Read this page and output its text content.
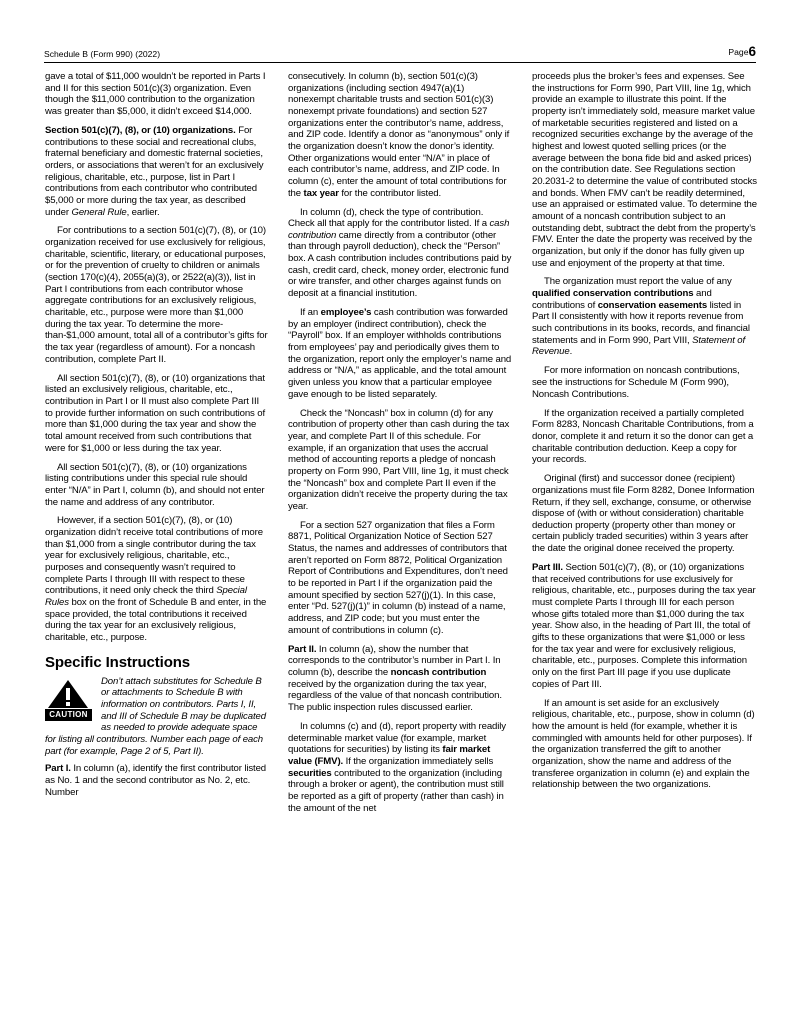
Schedule B (Form 990) (2022)	Page6

gave a total of $11,000 wouldn’t be reported in Parts I and II for this section 501(c)(3) organization. Even though the $11,000 contribution to the organization was greater than $5,000, it didn’t exceed $14,000.

Section 501(c)(7), (8), or (10) organizations. For contributions to these social and recreational clubs, fraternal beneficiary and domestic fraternal societies, orders, or associations that weren’t for an exclusively religious, charitable, etc., purpose, list in Part I contributions from each contributor who contributed $5,000 or more during the tax year, as described under General Rule, earlier.

For contributions to a section 501(c)(7), (8), or (10) organization received for use exclusively for religious, charitable, scientific, literary, or educational purposes, or for the prevention of cruelty to children or animals (section 170(c)(4), 2055(a)(3), or 2522(a)(3)), list in Part I contributions from each contributor whose aggregate contributions for an exclusively religious, charitable, etc., purpose were more than $1,000 during the tax year. To determine the more-than-$1,000 amount, total all of a contributor’s gifts for the tax year (regardless of amount). For a noncash contribution, complete Part II.

All section 501(c)(7), (8), or (10) organizations that listed an exclusively religious, charitable, etc., contribution in Part I or II must also complete Part III to provide further information on such contributions of more than $1,000 during the tax year and show the total amount received from such contributions that were for $1,000 or less during the tax year.

All section 501(c)(7), (8), or (10) organizations listing contributions under this special rule should enter “N/A” in Part I, column (b), and should not enter the name and address of any contributor.

However, if a section 501(c)(7), (8), or (10) organization didn’t receive total contributions of more than $1,000 from a single contributor during the tax year for exclusively religious, charitable, etc., purposes and consequently wasn’t required to complete Parts I through III with respect to these contributions, it need only check the third Special Rules box on the front of Schedule B and enter, in the space provided, the total contributions it received during the tax year for an exclusively religious, charitable, etc., purpose.

Specific Instructions
CAUTION
Don’t attach substitutes for Schedule B or attachments to Schedule B with information on contributors. Parts I, II, and III of Schedule B may be duplicated as needed to provide adequate space for listing all contributors. Number each page of each part (for example, Page 2 of 5, Part II).

Part I. In column (a), identify the first contributor listed as No. 1 and the second contributor as No. 2, etc. Number

consecutively. In column (b), section 501(c)(3) organizations (including section 4947(a)(1) nonexempt charitable trusts and section 501(c)(3) nonexempt private foundations) and section 527 organizations enter the contributor’s name, address, and ZIP code. Identify a donor as “anonymous” only if the organization doesn’t know the donor’s identity. Other organizations would enter “N/A” in place of each contributor’s name, address, and ZIP code. In column (c), enter the amount of total contributions for the tax year for the contributor listed.

In column (d), check the type of contribution. Check all that apply for the contributor listed. If a cash contribution came directly from a contributor (other than through payroll deduction), check the “Person” box. A cash contribution includes contributions paid by cash, credit card, check, money order, electronic fund or wire transfer, and other charges against funds on deposit at a financial institution.

If an employee’s cash contribution was forwarded by an employer (indirect contribution), check the “Payroll” box. If an employer withholds contributions from employees’ pay and periodically gives them to the organization, report only the employer’s name and address or “N/A,” as applicable, and the total amount given unless you know that a particular employee gave enough to be listed separately.

Check the “Noncash” box in column (d) for any contribution of property other than cash during the tax year, and complete Part II of this schedule. For example, if an organization that uses the accrual method of accounting reports a pledge of noncash property on Form 990, Part VIII, line 1g, it must check the “Noncash” box and complete Part II even if the organization didn’t receive the property during the tax year.

For a section 527 organization that files a Form 8871, Political Organization Notice of Section 527 Status, the names and addresses of contributors that aren’t reported on Form 8872, Political Organization Report of Contributions and Expenditures, don’t need to be reported in Part I if the organization paid the amount specified by section 527(j)(1). In this case, enter “Pd. 527(j)(1)” in column (b) instead of a name, address, and ZIP code; but you must enter the amount of contributions in column (c).

Part II. In column (a), show the number that corresponds to the contributor’s number in Part I. In column (b), describe the noncash contribution received by the organization during the tax year, regardless of the value of that noncash contribution. The public inspection rules discussed earlier.

In columns (c) and (d), report property with readily determinable market value (for example, market quotations for securities) by listing its fair market value (FMV). If the organization immediately sells securities contributed to the organization (including through a broker or agent), the contribution must still be reported as a gift of property (rather than cash) in the amount of the net

proceeds plus the broker’s fees and expenses. See the instructions for Form 990, Part VIII, line 1g, which provide an example to illustrate this point. If the property isn’t immediately sold, measure market value of marketable securities registered and listed on a recognized securities exchange by the average of the highest and lowest quoted selling prices (or the average between the bona fide bid and asked prices) on the contribution date. See Regulations section 20.2031-2 to determine the value of contributed stocks and bonds. When FMV can’t be readily determined, use an appraised or estimated value. To determine the amount of a noncash contribution subject to an outstanding debt, subtract the debt from the property’s FMV. Enter the date the property was received by the organization, but only if the donor has fully given up use and enjoyment of the property at that time.

The organization must report the value of any qualified conservation contributions and contributions of conservation easements listed in Part II consistently with how it reports revenue from such contributions in its books, records, and financial statements and in Form 990, Part VIII, Statement of Revenue.

For more information on noncash contributions, see the instructions for Schedule M (Form 990), Noncash Contributions.

If the organization received a partially completed Form 8283, Noncash Charitable Contributions, from a donor, complete it and return it so the donor can get a charitable contribution deduction. Keep a copy for your records.

Original (first) and successor donee (recipient) organizations must file Form 8282, Donee Information Return, if they sell, exchange, consume, or otherwise dispose of (with or without consideration) charitable deduction property (property other than money or certain publicly traded securities) within 3 years after the date the original donee received the property.

Part III. Section 501(c)(7), (8), or (10) organizations that received contributions for use exclusively for religious, charitable, etc., purposes during the tax year must complete Parts I through III for each person whose gifts totaled more than $1,000 during the tax year. Show also, in the heading of Part III, the total of gifts to these organizations that were $1,000 or less for the tax year and were for exclusively religious, charitable, etc., purposes. Complete this information only on the first Part III page if you use duplicate copies of Part III.

If an amount is set aside for an exclusively religious, charitable, etc., purpose, show in column (d) how the amount is held (for example, whether it is commingled with amounts held for other purposes). If the organization transferred the gift to another organization, show the name and address of the transferee organization in column (e) and explain the relationship between the two organizations.
